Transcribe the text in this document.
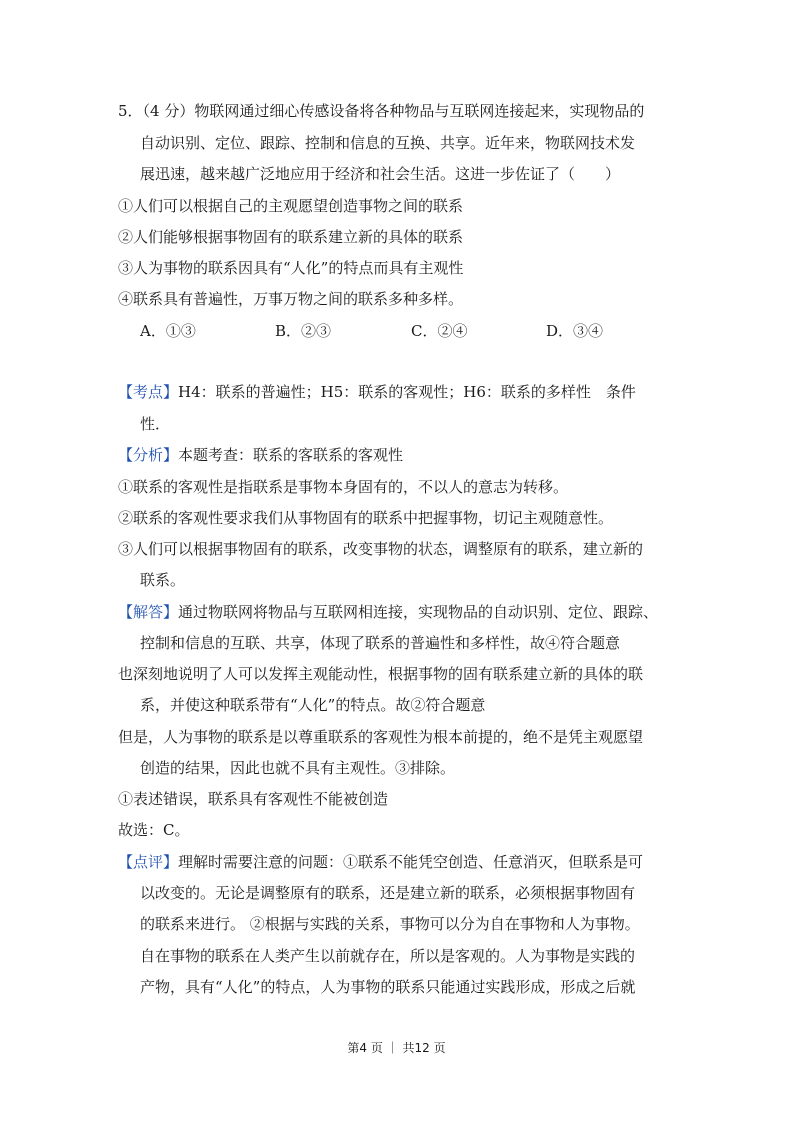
5．（4 分）物联网通过细心传感设备将各种物品与互联网连接起来，实现物品的
自动识别、定位、跟踪、控制和信息的互换、共享。近年来，物联网技术发
展迅速，越来越广泛地应用于经济和社会生活。这进一步佐证了（　　）
①人们可以根据自己的主观愿望创造事物之间的联系
②人们能够根据事物固有的联系建立新的具体的联系
③人为事物的联系因具有“人化”的特点而具有主观性
④联系具有普遍性，万事万物之间的联系多种多样。
A．①③	B．②③	C．②④	D．③④
【考点】H4：联系的普遍性；H5：联系的客观性；H6：联系的多样性　条件
性．
【分析】本题考查：联系的客联系的客观性
①联系的客观性是指联系是事物本身固有的，不以人的意志为转移。
②联系的客观性要求我们从事物固有的联系中把握事物，切记主观随意性。
③人们可以根据事物固有的联系，改变事物的状态，调整原有的联系，建立新的
联系。
【解答】通过物联网将物品与互联网相连接，实现物品的自动识别、定位、跟踪、
控制和信息的互联、共享，体现了联系的普遍性和多样性，故④符合题意
也深刻地说明了人可以发挥主观能动性，根据事物的固有联系建立新的具体的联
系，并使这种联系带有“人化”的特点。故②符合题意
但是，人为事物的联系是以尊重联系的客观性为根本前提的，绝不是凭主观愿望
创造的结果，因此也就不具有主观性。③排除。
①表述错误，联系具有客观性不能被创造
故选：C。
【点评】理解时需要注意的问题：①联系不能凭空创造、任意消灭，但联系是可
以改变的。无论是调整原有的联系，还是建立新的联系，必须根据事物固有
的联系来进行。 ②根据与实践的关系，事物可以分为自在事物和人为事物。
自在事物的联系在人类产生以前就存在，所以是客观的。人为事物是实践的
产物，具有“人化”的特点，人为事物的联系只能通过实践形成，形成之后就
第4 页 ｜ 共12 页
